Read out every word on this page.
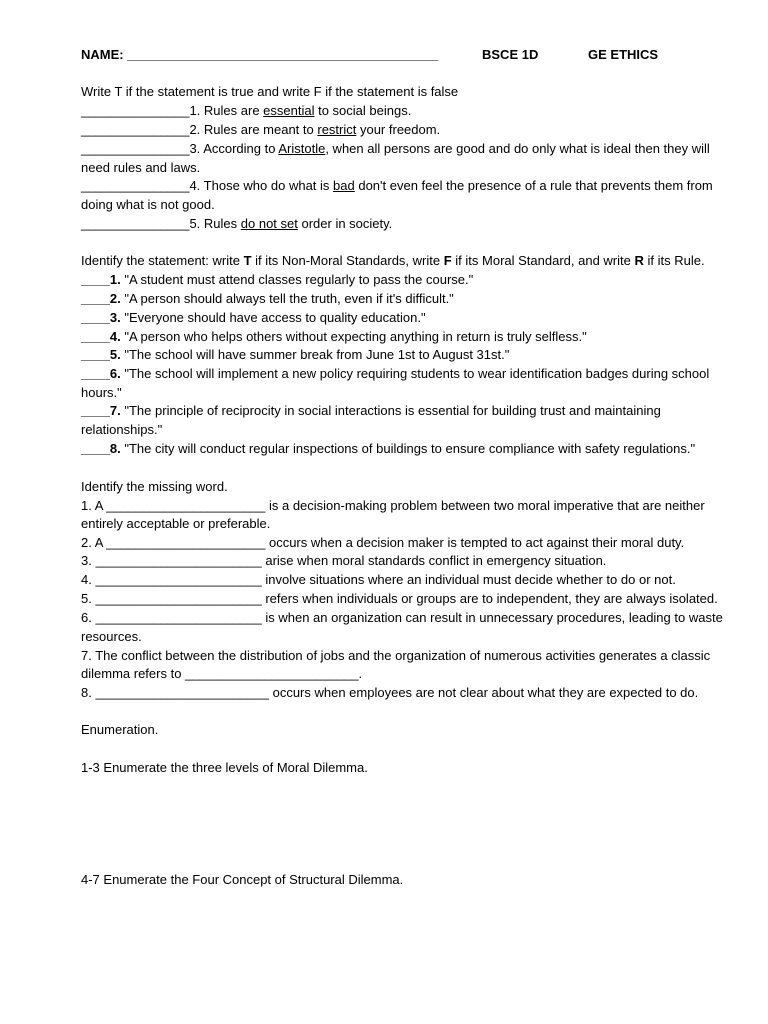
NAME: ___________________________________________	BSCE 1D	GE ETHICS
Write T if the statement is true and write F if the statement is false
_______________1. Rules are essential to social beings.
_______________2. Rules are meant to restrict your freedom.
_______________3. According to Aristotle, when all persons are good and do only what is ideal then they will
need rules and laws.
_______________4. Those who do what is bad don't even feel the presence of a rule that prevents them from
doing what is not good.
_______________5. Rules do not set order in society.
Identify the statement: write T if its Non-Moral Standards, write F if its Moral Standard, and write R if its Rule.
____1. "A student must attend classes regularly to pass the course."
____2. "A person should always tell the truth, even if it's difficult."
____3. "Everyone should have access to quality education."
____4. "A person who helps others without expecting anything in return is truly selfless."
____5. "The school will have summer break from June 1st to August 31st."
____6. "The school will implement a new policy requiring students to wear identification badges during school
hours."
____7. "The principle of reciprocity in social interactions is essential for building trust and maintaining
relationships."
____8. "The city will conduct regular inspections of buildings to ensure compliance with safety regulations."
Identify the missing word.
1. A ______________________ is a decision-making problem between two moral imperative that are neither
entirely acceptable or preferable.
2. A ______________________ occurs when a decision maker is tempted to act against their moral duty.
3. _______________________ arise when moral standards conflict in emergency situation.
4. _______________________ involve situations where an individual must decide whether to do or not.
5. _______________________ refers when individuals or groups are to independent, they are always isolated.
6. _______________________ is when an organization can result in unnecessary procedures, leading to waste
resources.
7. The conflict between the distribution of jobs and the organization of numerous activities generates a classic
dilemma refers to ________________________.
8. ________________________ occurs when employees are not clear about what they are expected to do.
Enumeration.
1-3 Enumerate the three levels of Moral Dilemma.
4-7 Enumerate the Four Concept of Structural Dilemma.
